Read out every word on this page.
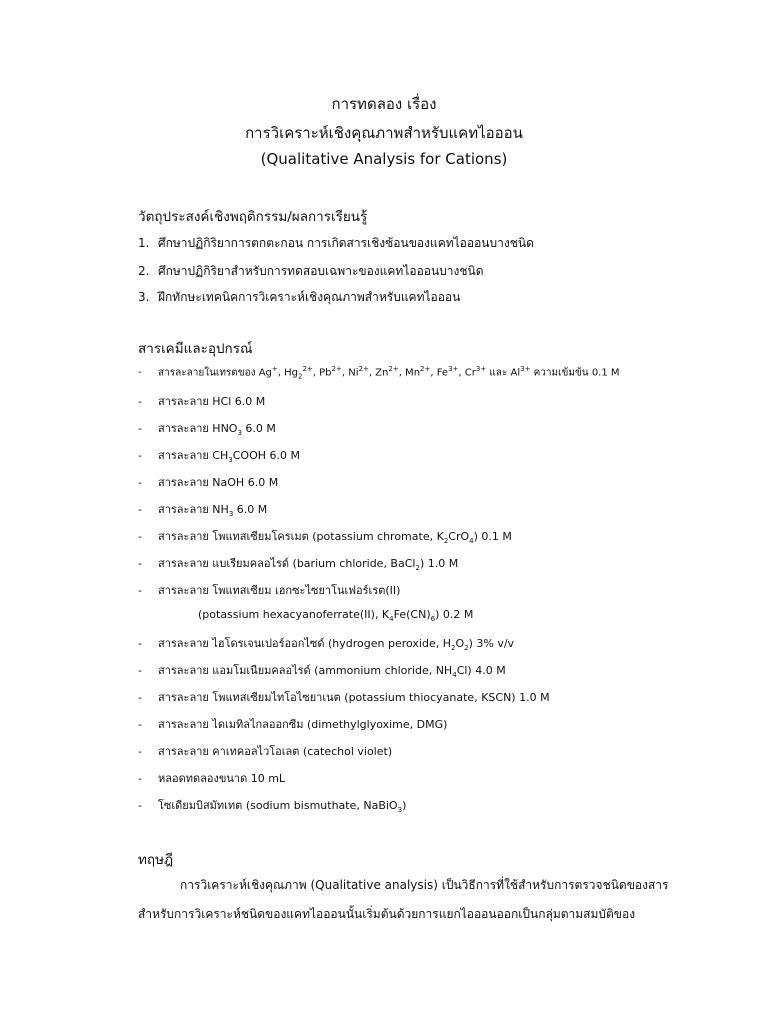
การทดลอง เรื่อง
การวิเคราะห์เชิงคุณภาพสำหรับแคทไอออน
(Qualitative Analysis for Cations)
วัตถุประสงค์เชิงพฤติกรรม/ผลการเรียนรู้
1. ศึกษาปฏิกิริยาการตกตะกอน การเกิดสารเชิงซ้อนของแคทไอออนบางชนิด
2. ศึกษาปฏิกิริยาสำหรับการทดสอบเฉพาะของแคทไอออนบางชนิด
3. ฝึกทักษะเทคนิคการวิเคราะห์เชิงคุณภาพสำหรับแคทไอออน
สารเคมีและอุปกรณ์
- สารละลายในเทรตของ Ag+, $Hg_2^{2+}$, $Pb^{2+}$, $Ni^{2+}$, $Zn^{2+}$, $Mn^{2+}$, $Fe^{3+}$, $Cr^{3+}$ และ $Al^{3+}$ ความเข้มข้น 0.1 M
- สารละลาย HCl 6.0 M
- สารละลาย $HNO_3$ 6.0 M
- สารละลาย $CH_3COOH$ 6.0 M
- สารละลาย NaOH 6.0 M
- สารละลาย $NH_3$ 6.0 M
- สารละลาย โพแทสเซียมโครเมต (potassium chromate, $K_2CrO_4$) 0.1 M
- สารละลาย แบเรียมคลอไรด์ (barium chloride, BaCl$_2$) 1.0 M
- สารละลาย โพแทสเซียม เฮกซะไซยาโนเฟอร์เรต(II)
(potassium hexacyanoferrate(II), $K_4Fe(CN)_6$) 0.2 M
- สารละลาย ไฮโดรเจนเปอร์ออกไซด์ (hydrogen peroxide, $H_2O_2$) 3% v/v
- สารละลาย แอมโมเนียมคลอไรด์ (ammonium chloride, $NH_4Cl$) 4.0 M
- สารละลาย โพแทสเซียมไทโอไซยาเนต (potassium thiocyanate, KSCN) 1.0 M
- สารละลาย ไดเมทิลไกลออกซีม (dimethylglyoxime, DMG)
- สารละลาย คาเทคอลไวโอเลต (catechol violet)
- หลอดทดลองขนาด 10 mL
- โซเดียมบิสมัทเทต (sodium bismuthate, NaBiO$_3$)
ทฤษฎี
การวิเคราะห์เชิงคุณภาพ (Qualitative analysis) เป็นวิธีการที่ใช้สำหรับการตรวจชนิดของสาร
สำหรับการวิเคราะห์ชนิดของแคทไอออนนั้นเริ่มต้นด้วยการแยกไอออนออกเป็นกลุ่มตามสมบัติของ
